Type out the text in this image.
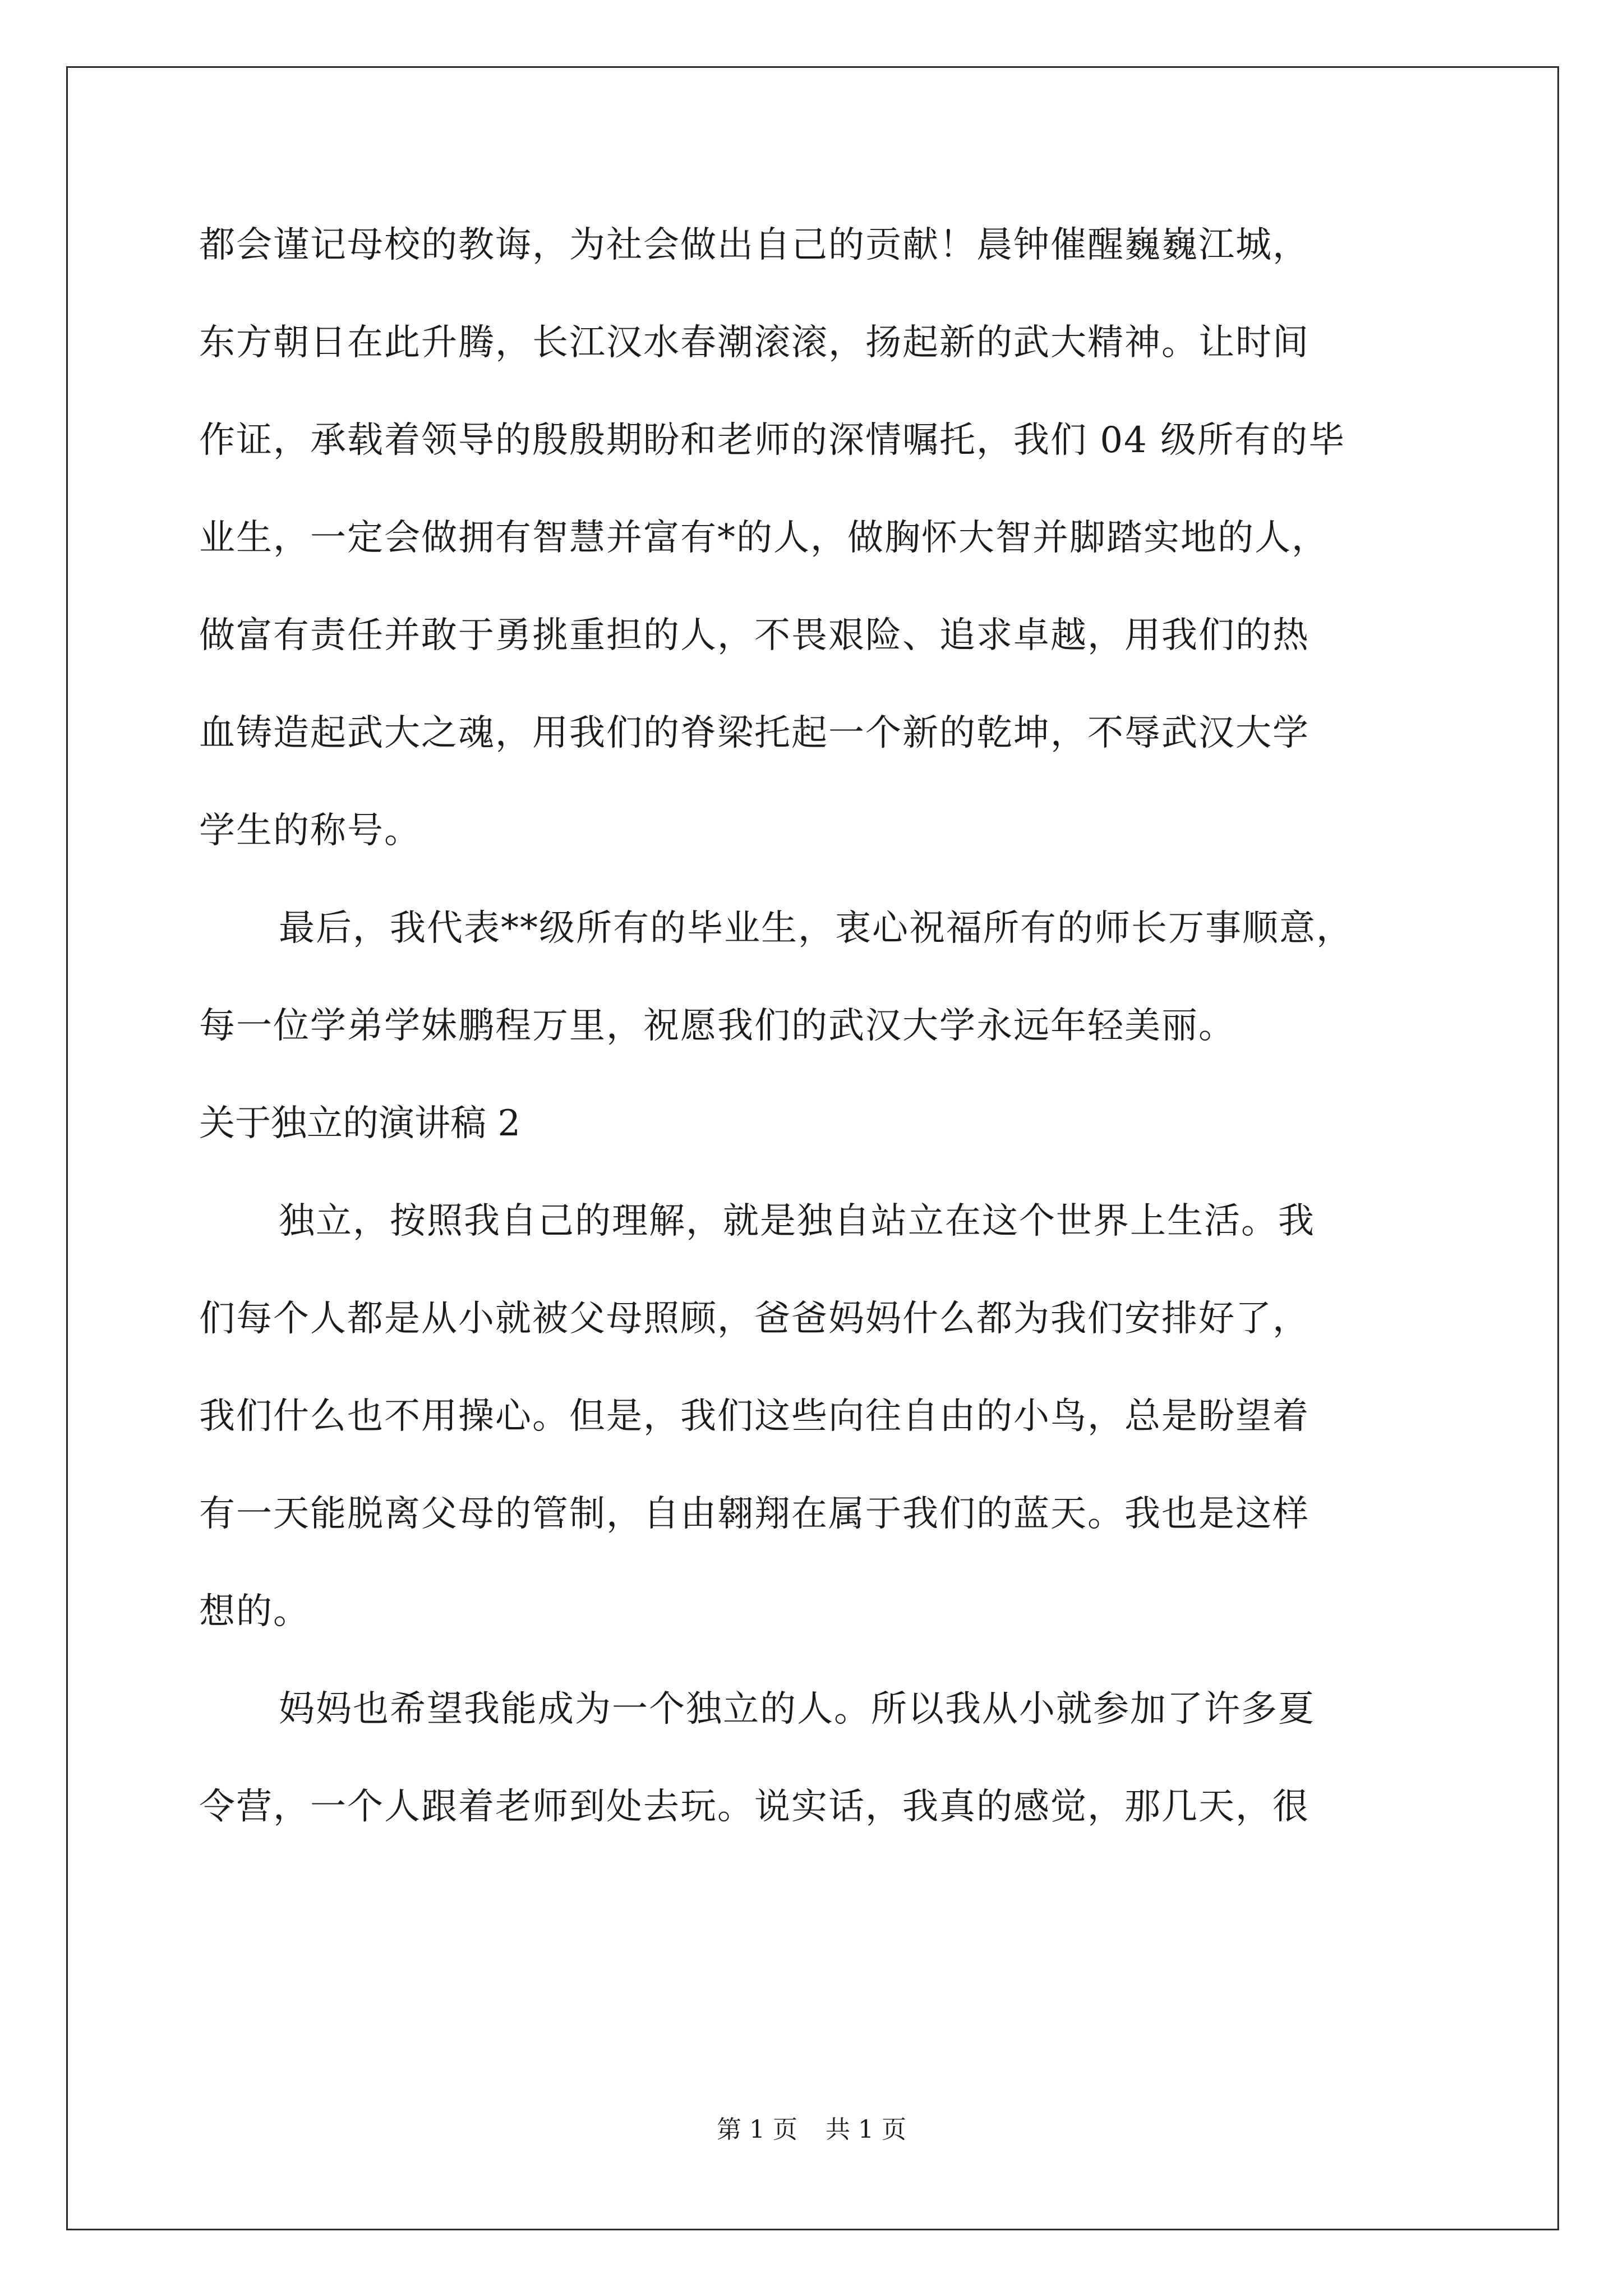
都会谨记母校的教诲，为社会做出自己的贡献！晨钟催醒巍巍江城，
东方朝日在此升腾，长江汉水春潮滚滚，扬起新的武大精神。让时间
作证，承载着领导的殷殷期盼和老师的深情嘱托，我们 04 级所有的毕
业生，一定会做拥有智慧并富有*的人，做胸怀大智并脚踏实地的人，
做富有责任并敢于勇挑重担的人，不畏艰险、追求卓越，用我们的热
血铸造起武大之魂，用我们的脊梁托起一个新的乾坤，不辱武汉大学
学生的称号。
最后，我代表**级所有的毕业生，衷心祝福所有的师长万事顺意，
每一位学弟学妹鹏程万里，祝愿我们的武汉大学永远年轻美丽。
关于独立的演讲稿 2
独立，按照我自己的理解，就是独自站立在这个世界上生活。我
们每个人都是从小就被父母照顾，爸爸妈妈什么都为我们安排好了，
我们什么也不用操心。但是，我们这些向往自由的小鸟，总是盼望着
有一天能脱离父母的管制，自由翱翔在属于我们的蓝天。我也是这样
想的。
妈妈也希望我能成为一个独立的人。所以我从小就参加了许多夏
令营，一个人跟着老师到处去玩。说实话，我真的感觉，那几天，很
第 1 页 共 1 页
